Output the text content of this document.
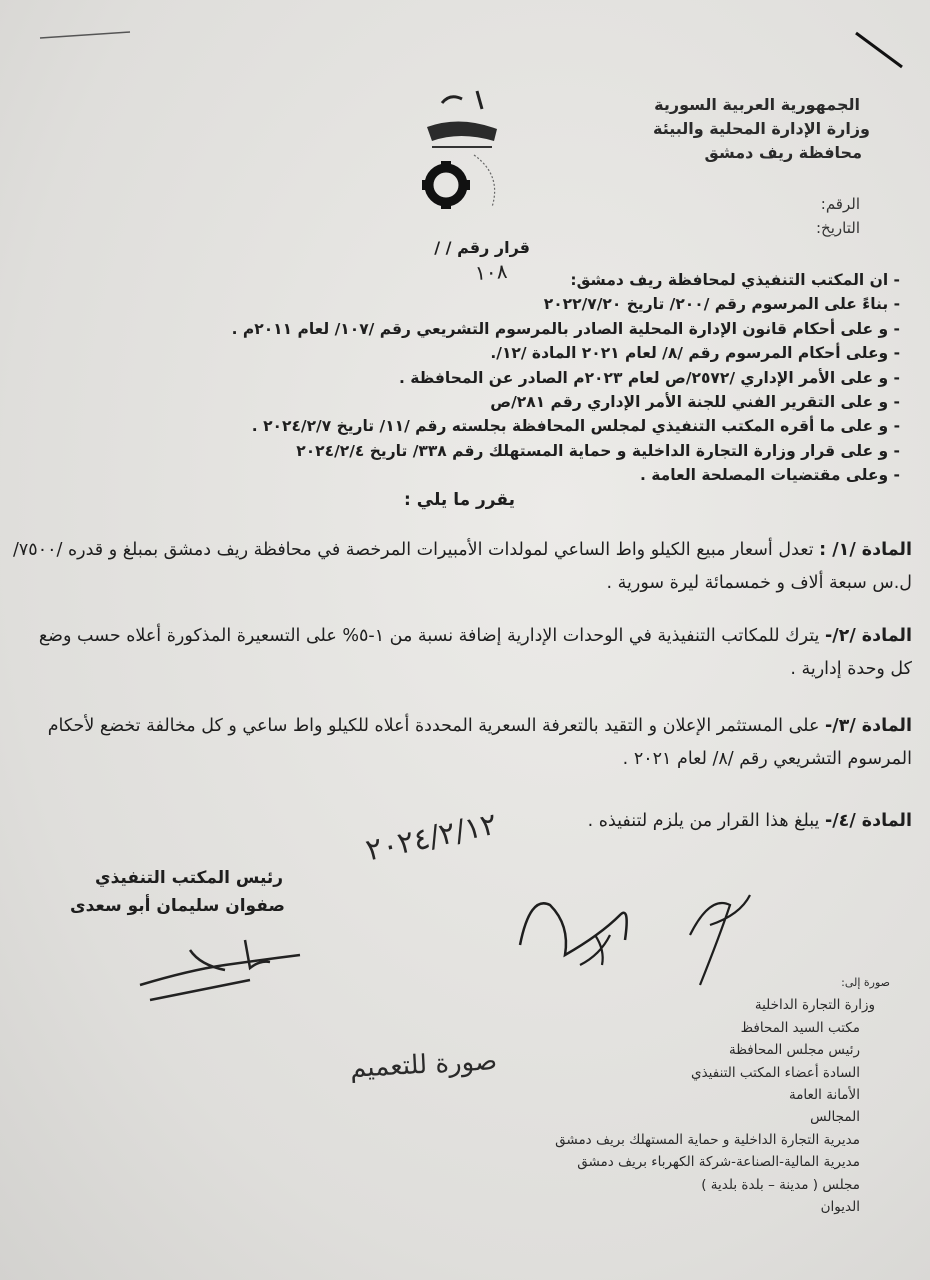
الجمهورية العربية السورية
وزارة الإدارة المحلية والبيئة
محافظة ريف دمشق
الرقم:
التاريخ:
قرار رقم / /
١٠٨	- ان المكتب التنفيذي لمحافظة ريف دمشق:
- بناءً على المرسوم رقم /٢٠٠/ تاريخ ٢٠٢٢/٧/٢٠
- و على أحكام قانون الإدارة المحلية الصادر بالمرسوم التشريعي رقم /١٠٧/ لعام ٢٠١١م .
- وعلى أحكام المرسوم رقم /٨/ لعام ٢٠٢١ المادة /١٢/.
- و على الأمر الإداري /٢٥٧٢/ص لعام ٢٠٢٣م الصادر عن المحافظة .
- و على التقرير الفني للجنة الأمر الإداري رقم ٢٨١/ص
- و على ما أقره المكتب التنفيذي لمجلس المحافظة بجلسته رقم /١١/ تاريخ ٢٠٢٤/٢/٧ .
- و على قرار وزارة التجارة الداخلية و حماية المستهلك رقم ٣٣٨/ تاريخ ٢٠٢٤/٢/٤
- وعلى مقتضيات المصلحة العامة .
يقرر ما يلي :
المادة /١/ : تعدل أسعار مبيع الكيلو واط الساعي لمولدات الأمبيرات المرخصة في محافظة ريف دمشق بمبلغ و قدره /٧٥٠٠/ل.س سبعة ألاف و خمسمائة ليرة سورية .
المادة /٢/- يترك للمكاتب التنفيذية في الوحدات الإدارية إضافة نسبة من ١-٥% على التسعيرة المذكورة أعلاه حسب وضع كل وحدة إدارية .
المادة /٣/- على المستثمر الإعلان و التقيد بالتعرفة السعرية المحددة أعلاه للكيلو واط ساعي و كل مخالفة تخضع لأحكام المرسوم التشريعي رقم /٨/ لعام ٢٠٢١ .
المادة /٤/- يبلغ هذا القرار من يلزم لتنفيذه .
٢٠٢٤/٢/١٢
رئيس المكتب التنفيذي
صفوان سليمان أبو سعدى
صورة إلى:
وزارة التجارة الداخلية
مكتب السيد المحافظ
رئيس مجلس المحافظة
السادة أعضاء المكتب التنفيذي
الأمانة العامة
المجالس
مديرية التجارة الداخلية و حماية المستهلك بريف دمشق
مديرية المالية-الصناعة-شركة الكهرباء بريف دمشق
مجلس ( مدينة – بلدة بلدية )
الديوان
صورة للتعميم
